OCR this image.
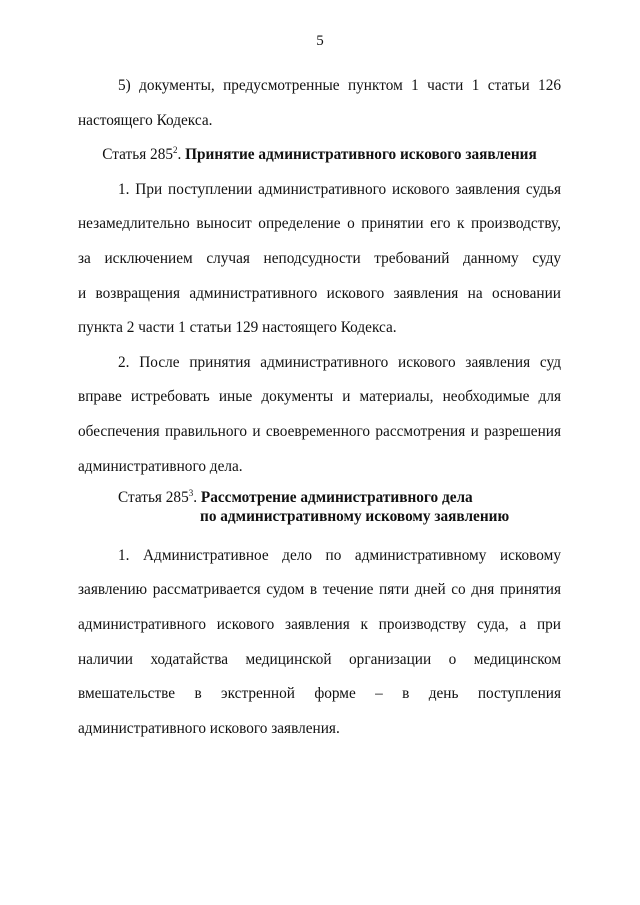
5
5) документы, предусмотренные пунктом 1 части 1 статьи 126
настоящего Кодекса.
Статья $285^2$. Принятие административного искового заявления
1. При поступлении административного искового заявления судья
незамедлительно выносит определение о принятии его к производству,
за исключением случая неподсудности требований данному суду
и возвращения административного искового заявления на основании
пункта 2 части 1 статьи 129 настоящего Кодекса.
2. После принятия административного искового заявления суд
вправе истребовать иные документы и материалы, необходимые для
обеспечения правильного и своевременного рассмотрения и разрешения
административного дела.
Статья $285^3$. Рассмотрение административного дела
по административному исковому заявлению
1. Административное дело по административному исковому
заявлению рассматривается судом в течение пяти дней со дня принятия
административного искового заявления к производству суда, а при
наличии ходатайства медицинской организации о медицинском
вмешательстве в экстренной форме – в день поступления
административного искового заявления.
